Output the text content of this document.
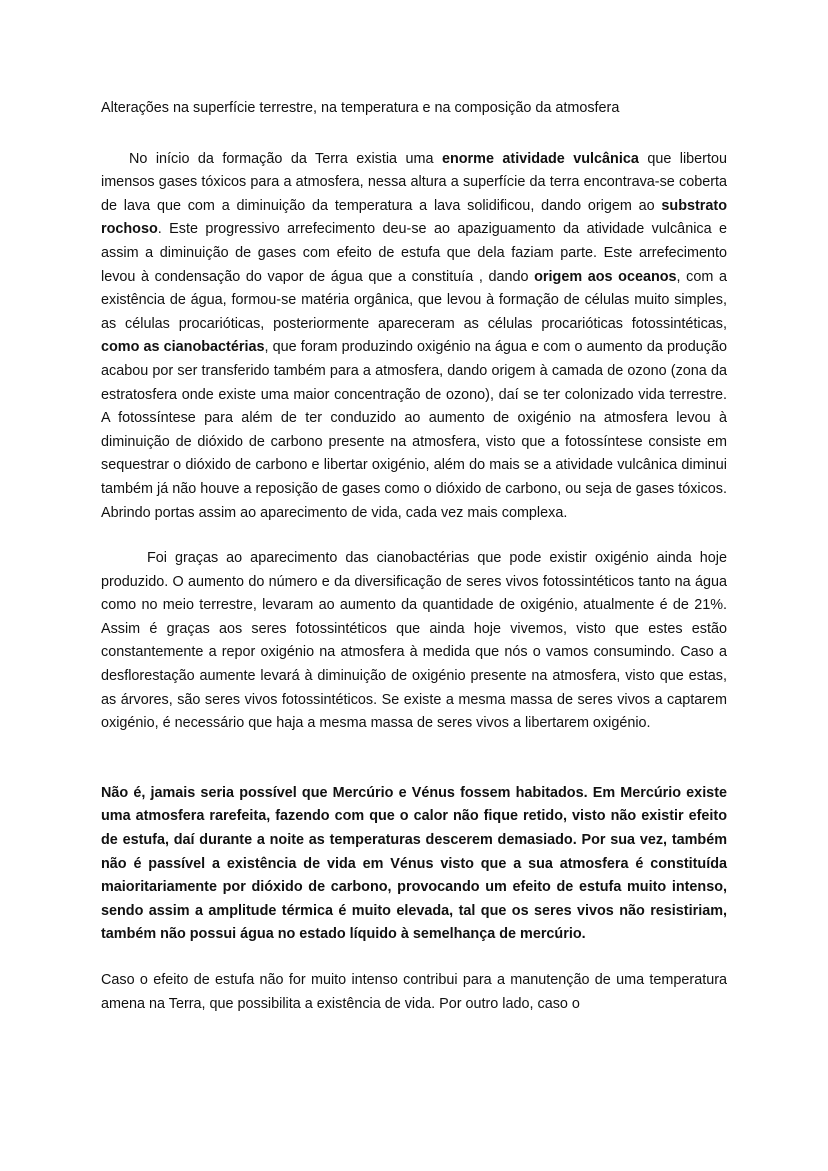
Alterações na superfície terrestre, na temperatura e na composição da atmosfera

No início da formação da Terra existia uma enorme atividade vulcânica que libertou imensos gases tóxicos para a atmosfera, nessa altura a superfície da terra encontrava-se coberta de lava que com a diminuição da temperatura a lava solidificou, dando origem ao substrato rochoso. Este progressivo arrefecimento deu-se ao apaziguamento da atividade vulcânica e assim a diminuição de gases com efeito de estufa que dela faziam parte. Este arrefecimento levou à condensação do vapor de água que a constituía , dando origem aos oceanos, com a existência de água, formou-se matéria orgânica, que levou à formação de células muito simples, as células procarióticas, posteriormente apareceram as células procarióticas fotossintéticas, como as cianobactérias, que foram produzindo oxigénio na água e com o aumento da produção acabou por ser transferido também para a atmosfera, dando origem à camada de ozono (zona da estratosfera onde existe uma maior concentração de ozono), daí se ter colonizado vida terrestre. A fotossíntese para além de ter conduzido ao aumento de oxigénio na atmosfera levou à diminuição de dióxido de carbono presente na atmosfera, visto que a fotossíntese consiste em sequestrar o dióxido de carbono e libertar oxigénio, além do mais se a atividade vulcânica diminui também já não houve a reposição de gases como o dióxido de carbono, ou seja de gases tóxicos. Abrindo portas assim ao aparecimento de vida, cada vez mais complexa.

Foi graças ao aparecimento das cianobactérias que pode existir oxigénio ainda hoje produzido. O aumento do número e da diversificação de seres vivos fotossintéticos tanto na água como no meio terrestre, levaram ao aumento da quantidade de oxigénio, atualmente é de 21%. Assim é graças aos seres fotossintéticos que ainda hoje vivemos, visto que estes estão constantemente a repor oxigénio na atmosfera à medida que nós o vamos consumindo. Caso a desflorestação aumente levará à diminuição de oxigénio presente na atmosfera, visto que estas, as árvores, são seres vivos fotossintéticos. Se existe a mesma massa de seres vivos a captarem oxigénio, é necessário que haja a mesma massa de seres vivos a libertarem oxigénio.

Não é, jamais seria possível que Mercúrio e Vénus fossem habitados. Em Mercúrio existe uma atmosfera rarefeita, fazendo com que o calor não fique retido, visto não existir efeito de estufa, daí durante a noite as temperaturas descerem demasiado. Por sua vez, também não é passível a existência de vida em Vénus visto que a sua atmosfera é constituída maioritariamente por dióxido de carbono, provocando um efeito de estufa muito intenso, sendo assim a amplitude térmica é muito elevada, tal que os seres vivos não resistiriam, também não possui água no estado líquido à semelhança de mercúrio.

Caso o efeito de estufa não for muito intenso contribui para a manutenção de uma temperatura amena na Terra, que possibilita a existência de vida. Por outro lado, caso o
